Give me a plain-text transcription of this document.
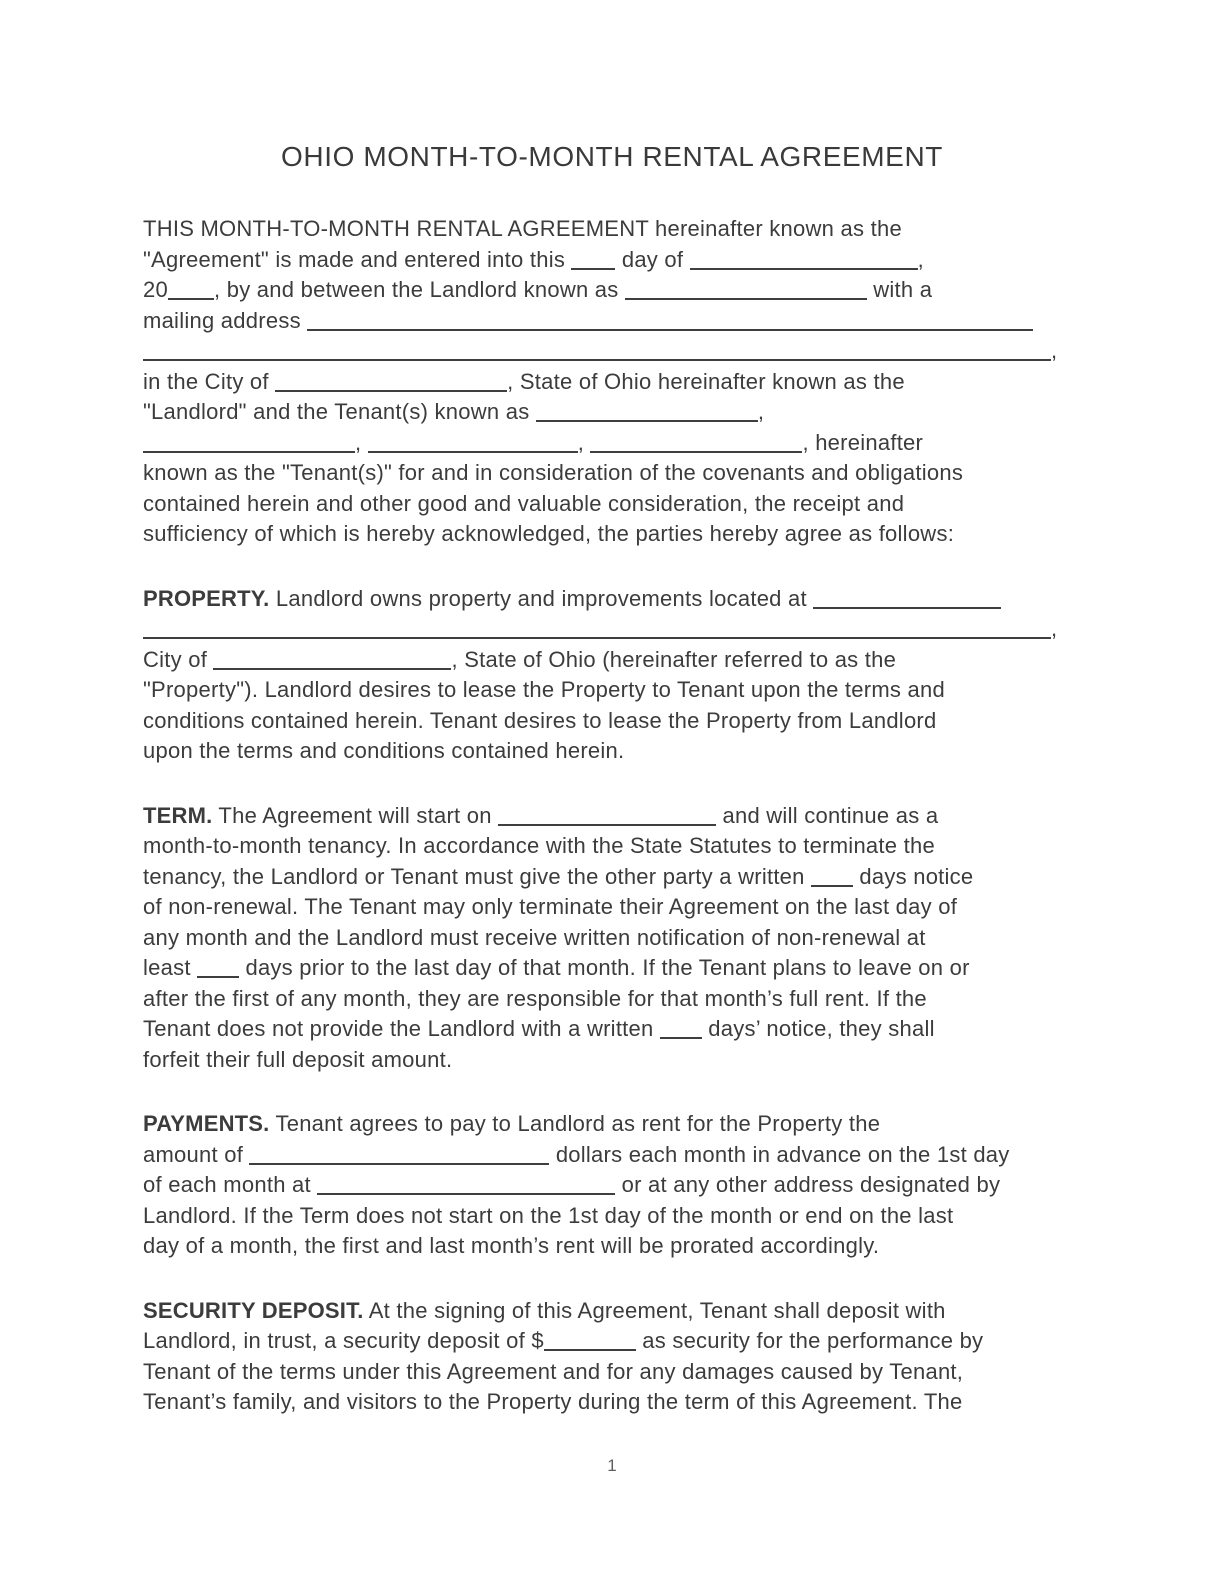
OHIO MONTH-TO-MONTH RENTAL AGREEMENT
THIS MONTH-TO-MONTH RENTAL AGREEMENT hereinafter known as the
"Agreement" is made and entered into this  day of	,
20 , by and between the Landlord known as	with a
mailing address
,
in the City of	, State of Ohio hereinafter known as the
"Landlord" and the Tenant(s) known as	,
,	,	, hereinafter
known as the "Tenant(s)" for and in consideration of the covenants and obligations
contained herein and other good and valuable consideration, the receipt and
sufficiency of which is hereby acknowledged, the parties hereby agree as follows:
PROPERTY. Landlord owns property and improvements located at
,
City of	, State of Ohio (hereinafter referred to as the
"Property"). Landlord desires to lease the Property to Tenant upon the terms and
conditions contained herein. Tenant desires to lease the Property from Landlord
upon the terms and conditions contained herein.
TERM. The Agreement will start on	and will continue as a
month-to-month tenancy. In accordance with the State Statutes to terminate the
tenancy, the Landlord or Tenant must give the other party a written  days notice
of non-renewal. The Tenant may only terminate their Agreement on the last day of
any month and the Landlord must receive written notification of non-renewal at
least  days prior to the last day of that month. If the Tenant plans to leave on or
after the first of any month, they are responsible for that month’s full rent. If the
Tenant does not provide the Landlord with a written  days’ notice, they shall
forfeit their full deposit amount.
PAYMENTS. Tenant agrees to pay to Landlord as rent for the Property the
amount of	dollars each month in advance on the 1st day
of each month at	or at any other address designated by
Landlord. If the Term does not start on the 1st day of the month or end on the last
day of a month, the first and last month’s rent will be prorated accordingly.
SECURITY DEPOSIT. At the signing of this Agreement, Tenant shall deposit with
Landlord, in trust, a security deposit of $	as security for the performance by
Tenant of the terms under this Agreement and for any damages caused by Tenant,
Tenant’s family, and visitors to the Property during the term of this Agreement. The
1
